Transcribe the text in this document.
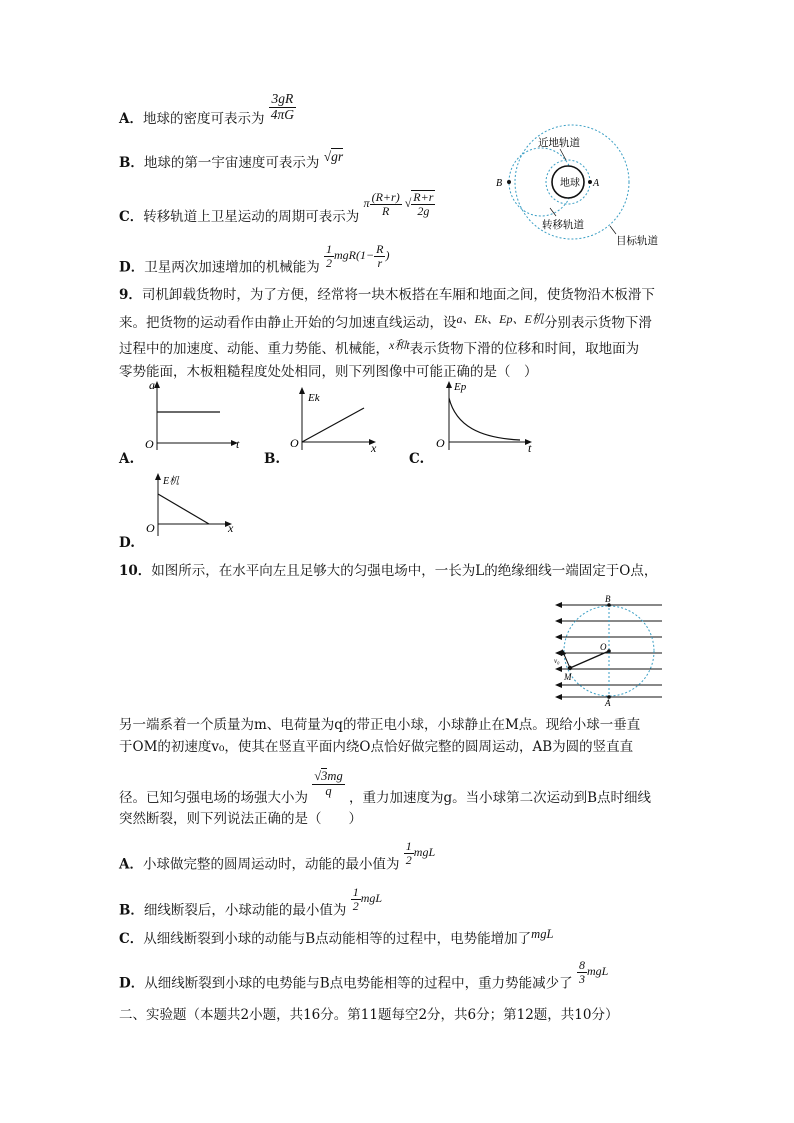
A．地球的密度可表示为 $\frac{3gR}{4\pi G}$
B．地球的第一宇宙速度可表示为 √gr
C．转移轨道上卫星运动的周期可表示为 π $\frac{(R+r)}{R}$ √ $\frac{R+r}{2g}$
D．卫星两次加速增加的机械能为 $\frac{1}{2} mgR(1- \frac{R}{r}$ )
地球 A
B
近地轨道
转移轨道
目标轨道
9．司机卸载货物时，为了方便，经常将一块木板搭在车厢和地面之间，使货物沿木板滑下
来。把货物的运动看作由静止开始的匀加速直线运动，设a、Ek、Ep、E机分别表示货物下滑
过程中的加速度、动能、重力势能、机械能，x和t表示货物下滑的位移和时间，取地面为
零势能面，木板粗糙程度处处相同，则下列图像中可能正确的是（　）
a
t
O
A.
Ek
x
O
B.
Ep
t
O
C.
E机
x
O
D.
10．如图所示，在水平向左且足够大的匀强电场中，一长为L的绝缘细线一端固定于O点，
B
A
O
M
v₀
另一端系着一个质量为m、电荷量为q的带正电小球，小球静止在M点。现给小球一垂直
于OM的初速度v₀，使其在竖直平面内绕O点恰好做完整的圆周运动，AB为圆的竖直直
径。已知匀强电场的场强大小为 $\frac{√3mg}{q}$ ，重力加速度为g。当小球第二次运动到B点时细线
突然断裂，则下列说法正确的是（　　）
A．小球做完整的圆周运动时，动能的最小值为 $\frac{1}{2}$ mgL
B．细线断裂后，小球动能的最小值为 $\frac{1}{2}$ mgL
C．从细线断裂到小球的动能与B点动能相等的过程中，电势能增加了mgL
D．从细线断裂到小球的电势能与B点电势能相等的过程中，重力势能减少了 $\frac{8}{3}$ mgL
二、实验题（本题共2小题，共16分。第11题每空2分，共6分；第12题，共10分）
